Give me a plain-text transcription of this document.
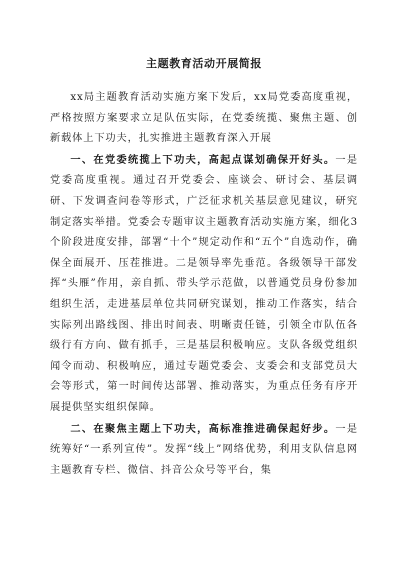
主题教育活动开展简报

xx局主题教育活动实施方案下发后，xx局党委高度重视，严格按照方案要求立足队伍实际，在党委统揽、聚焦主题、创新载体上下功夫，扎实推进主题教育深入开展

一、在党委统揽上下功夫，高起点谋划确保开好头。一是党委高度重视。通过召开党委会、座谈会、研讨会、基层调研、下发调查问卷等形式，广泛征求机关基层意见建议，研究制定落实举措。党委会专题审议主题教育活动实施方案，细化3个阶段进度安排，部署“十个”规定动作和“五个”自选动作，确保全面展开、压茬推进。二是领导率先垂范。各级领导干部发挥“头雁”作用，亲自抓、带头学示范做，以普通党员身份参加组织生活，走进基层单位共同研究谋划，推动工作落实，结合实际列出路线图、排出时间表、明晰责任链，引领全市队伍各级行有方向、做有抓手，三是基层积极响应。支队各级党组织闻令而动、积极响应，通过专题党委会、支委会和支部党员大会等形式，第一时间传达部署、推动落实，为重点任务有序开展提供坚实组织保障。

二、在聚焦主题上下功夫，高标准推进确保起好步。一是统筹好“一系列宣传”。发挥“线上”网络优势，利用支队信息网主题教育专栏、微信、抖音公众号等平台，集
